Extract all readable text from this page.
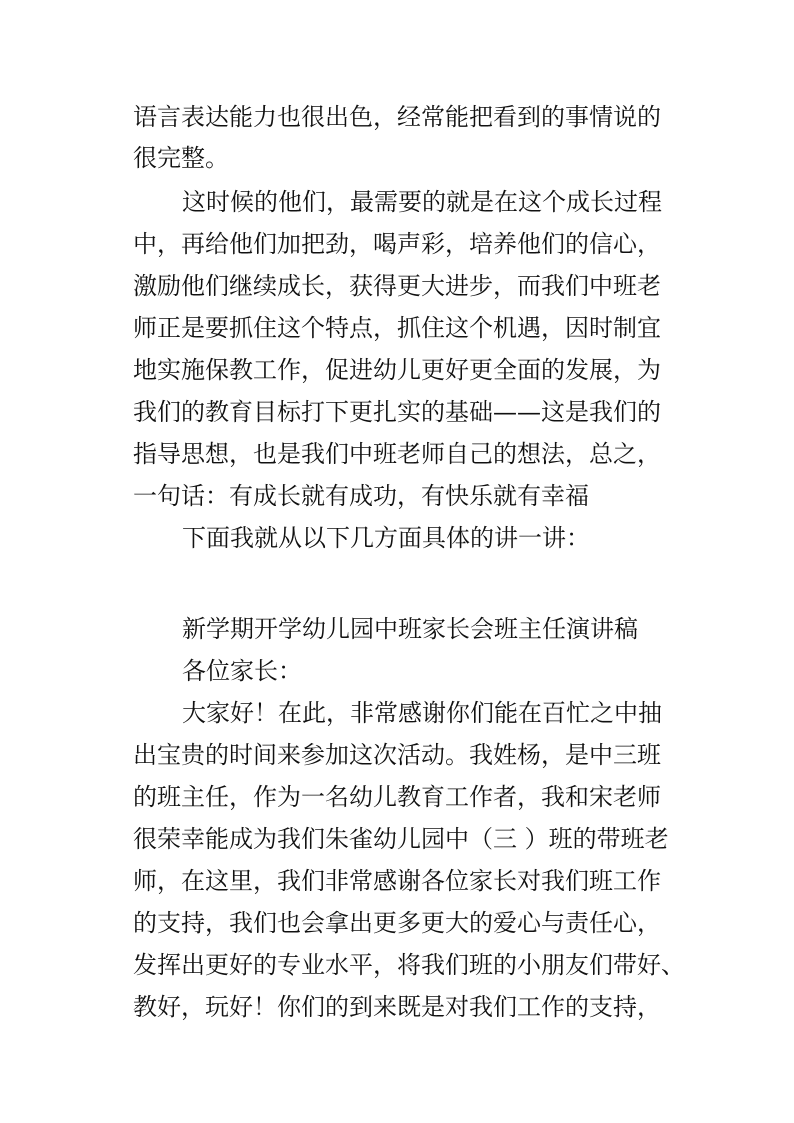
语言表达能力也很出色，经常能把看到的事情说的
很完整。
这时候的他们，最需要的就是在这个成长过程
中，再给他们加把劲，喝声彩，培养他们的信心，
激励他们继续成长，获得更大进步，而我们中班老
师正是要抓住这个特点，抓住这个机遇，因时制宜
地实施保教工作，促进幼儿更好更全面的发展，为
我们的教育目标打下更扎实的基础——这是我们的
指导思想，也是我们中班老师自己的想法，总之，
一句话：有成长就有成功，有快乐就有幸福
下面我就从以下几方面具体的讲一讲：
新学期开学幼儿园中班家长会班主任演讲稿
各位家长：
大家好！在此，非常感谢你们能在百忙之中抽
出宝贵的时间来参加这次活动。我姓杨，是中三班
的班主任，作为一名幼儿教育工作者，我和宋老师
很荣幸能成为我们朱雀幼儿园中（三 ）班的带班老
师，在这里，我们非常感谢各位家长对我们班工作
的支持，我们也会拿出更多更大的爱心与责任心，
发挥出更好的专业水平，将我们班的小朋友们带好、
教好，玩好！你们的到来既是对我们工作的支持，
